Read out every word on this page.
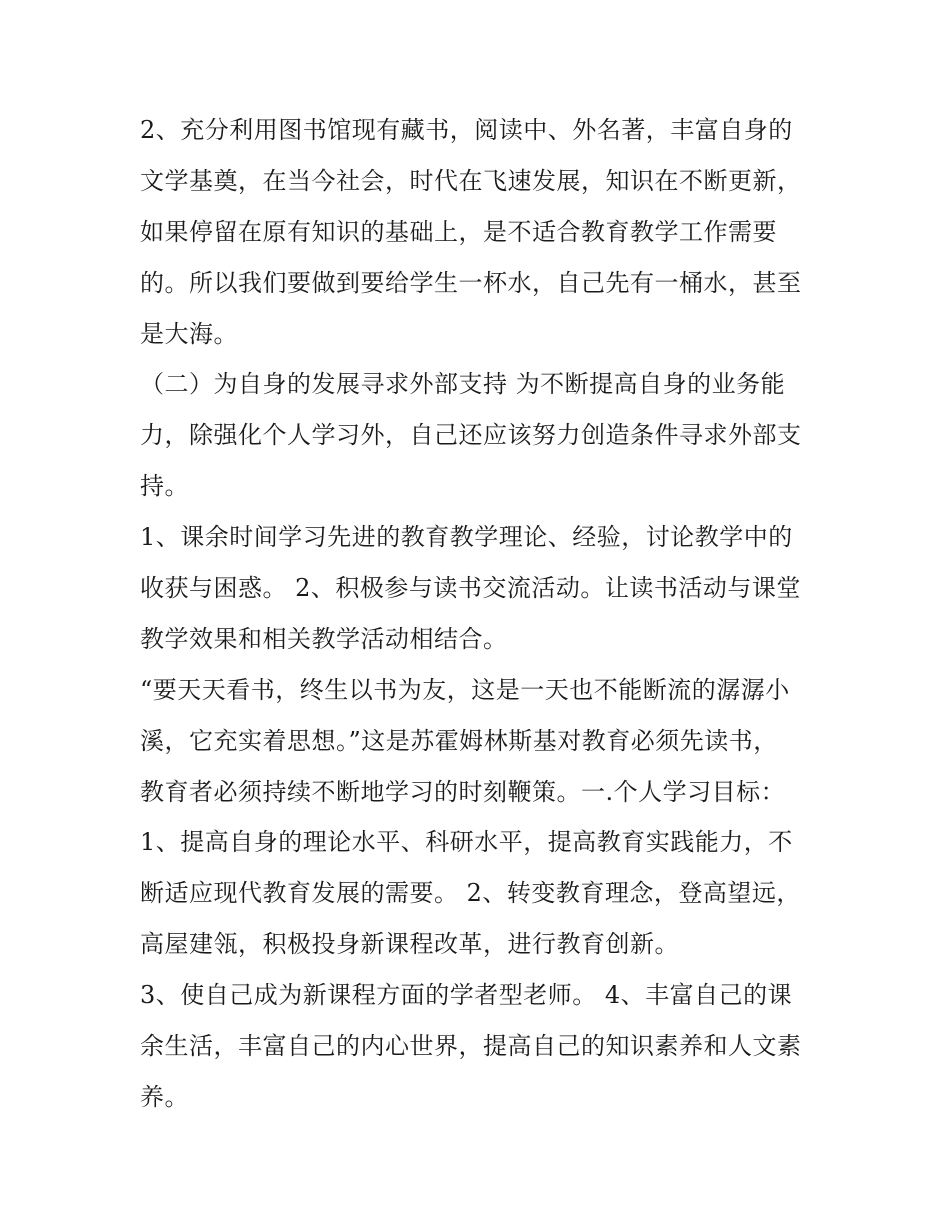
2、充分利用图书馆现有藏书，阅读中、外名著，丰富自身的
文学基奠，在当今社会，时代在飞速发展，知识在不断更新，
如果停留在原有知识的基础上，是不适合教育教学工作需要
的。所以我们要做到要给学生一杯水，自己先有一桶水，甚至
是大海。
（二）为自身的发展寻求外部支持 为不断提高自身的业务能
力，除强化个人学习外，自己还应该努力创造条件寻求外部支
持。
1、课余时间学习先进的教育教学理论、经验，讨论教学中的
收获与困惑。 2、积极参与读书交流活动。让读书活动与课堂
教学效果和相关教学活动相结合。
“要天天看书，终生以书为友，这是一天也不能断流的潺潺小
溪，它充实着思想。”这是苏霍姆林斯基对教育必须先读书，
教育者必须持续不断地学习的时刻鞭策。一.个人学习目标：
1、提高自身的理论水平、科研水平，提高教育实践能力，不
断适应现代教育发展的需要。 2、转变教育理念，登高望远，
高屋建瓴，积极投身新课程改革，进行教育创新。
3、使自己成为新课程方面的学者型老师。 4、丰富自己的课
余生活，丰富自己的内心世界，提高自己的知识素养和人文素
养。
